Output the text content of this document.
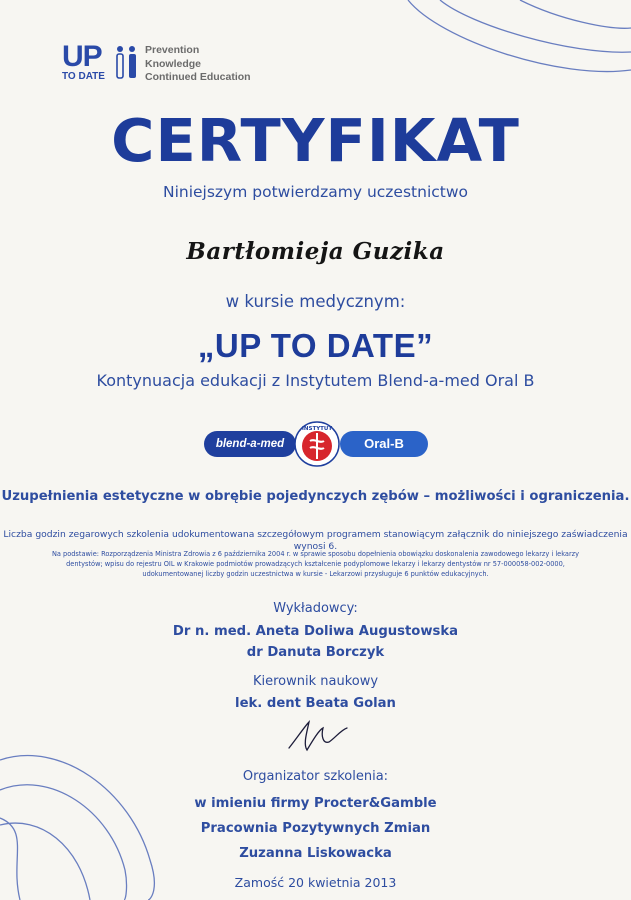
UP
TO DATE
Prevention
Knowledge
Continued Education
CERTYFIKAT
Niniejszym potwierdzamy uczestnictwo
Bartłomieja Guzika
w kursie medycznym:
„UP TO DATE”
Kontynuacja edukacji z Instytutem Blend-a-med Oral B
blend-a-med
INSTYTUT
Oral-B
Uzupełnienia estetyczne w obrębie pojedynczych zębów – możliwości i ograniczenia.
Liczba godzin zegarowych szkolenia udokumentowana szczegółowym programem stanowiącym załącznik do niniejszego zaświadczenia wynosi 6.
Na podstawie: Rozporządzenia Ministra Zdrowia z 6 października 2004 r. w sprawie sposobu dopełnienia obowiązku doskonalenia zawodowego lekarzy i lekarzy dentystów; wpisu do rejestru OIL w Krakowie podmiotów prowadzących kształcenie podyplomowe lekarzy i lekarzy dentystów nr 57-000058-002-0000, udokumentowanej liczby godzin uczestnictwa w kursie - Lekarzowi przysługuje 6 punktów edukacyjnych.
Wykładowcy:
Dr n. med. Aneta Doliwa Augustowska
dr Danuta Borczyk
Kierownik naukowy
lek. dent Beata Golan
Organizator szkolenia:
w imieniu firmy Procter&Gamble
Pracownia Pozytywnych Zmian
Zuzanna Liskowacka
Zamość 20 kwietnia 2013
